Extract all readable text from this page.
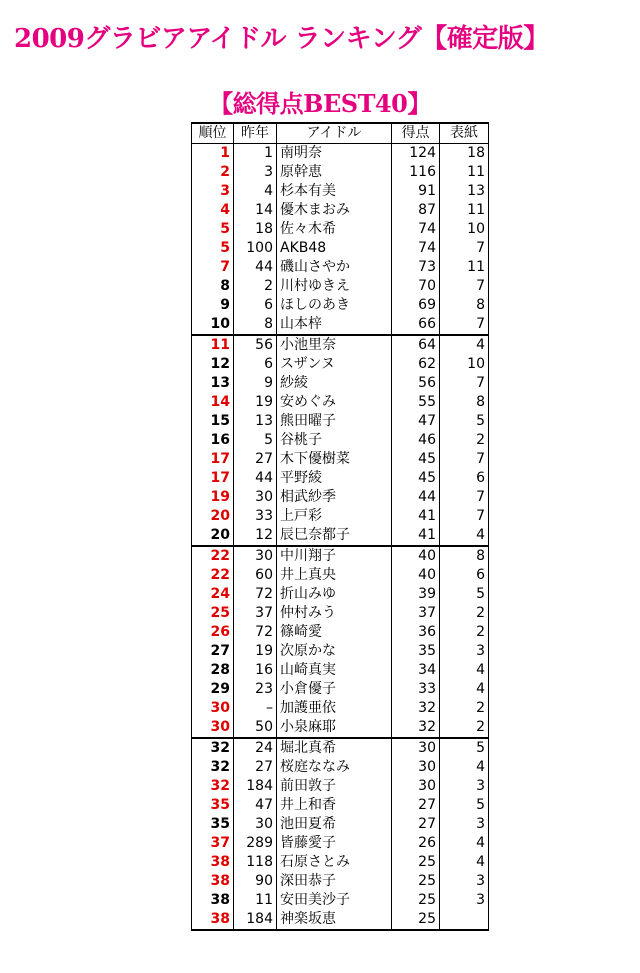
2009グラビアアイドル ランキング【確定版】
【総得点BEST40】
順位	昨年	アイドル	得点	表紙
1	1	南明奈	124	18
2	3	原幹恵	116	11
3	4	杉本有美	91	13
4	14	優木まおみ	87	11
5	18	佐々木希	74	10
5	100	AKB48	74	7
7	44	磯山さやか	73	11
8	2	川村ゆきえ	70	7
9	6	ほしのあき	69	8
10	8	山本梓	66	7
11	56	小池里奈	64	4
12	6	スザンヌ	62	10
13	9	紗綾	56	7
14	19	安めぐみ	55	8
15	13	熊田曜子	47	5
16	5	谷桃子	46	2
17	27	木下優樹菜	45	7
17	44	平野綾	45	6
19	30	相武紗季	44	7
20	33	上戸彩	41	7
20	12	辰巳奈都子	41	4
22	30	中川翔子	40	8
22	60	井上真央	40	6
24	72	折山みゆ	39	5
25	37	仲村みう	37	2
26	72	篠崎愛	36	2
27	19	次原かな	35	3
28	16	山崎真実	34	4
29	23	小倉優子	33	4
30	–	加護亜依	32	2
30	50	小泉麻耶	32	2
32	24	堀北真希	30	5
32	27	桜庭ななみ	30	4
32	184	前田敦子	30	3
35	47	井上和香	27	5
35	30	池田夏希	27	3
37	289	皆藤愛子	26	4
38	118	石原さとみ	25	4
38	90	深田恭子	25	3
38	11	安田美沙子	25	3
38	184	神楽坂恵	25	
